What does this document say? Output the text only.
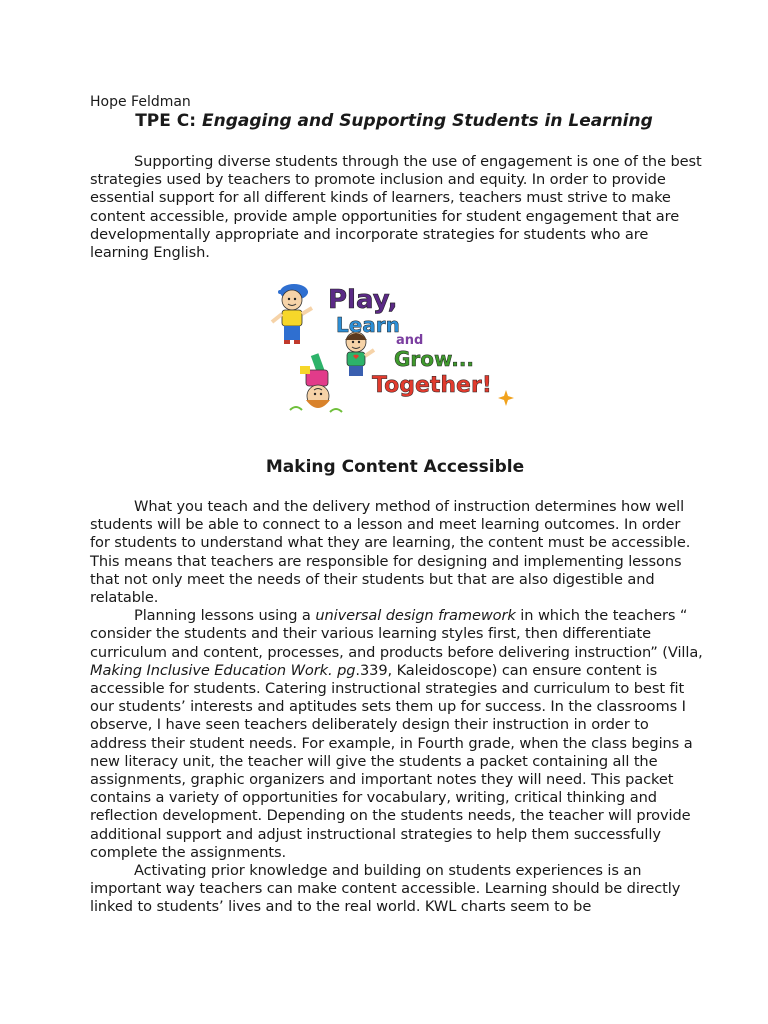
Hope Feldman
TPE C: Engaging and Supporting Students in Learning

Supporting diverse students through the use of engagement is one of the best strategies used by teachers to promote inclusion and equity. In order to provide essential support for all different kinds of learners, teachers must strive to make content accessible, provide ample opportunities for student engagement that are developmentally appropriate and incorporate strategies for students who are learning English.

Play,
Learn
and
Grow...
Together!
Making Content Accessible

What you teach and the delivery method of instruction determines how well students will be able to connect to a lesson and meet learning outcomes. In order for students to understand what they are learning, the content must be accessible. This means that teachers are responsible for designing and implementing lessons that not only meet the needs of their students but that are also digestible and relatable.

Planning lessons using a universal design framework in which the teachers “ consider the students and their various learning styles first, then differentiate curriculum and content, processes, and products before delivering instruction” (Villa, Making Inclusive Education Work. pg.339, Kaleidoscope) can ensure content is accessible for students. Catering instructional strategies and curriculum to best fit our students’ interests and aptitudes sets them up for success. In the classrooms I observe, I have seen teachers deliberately design their instruction in order to address their student needs. For example, in Fourth grade, when the class begins a new literacy unit, the teacher will give the students a packet containing all the assignments, graphic organizers and important notes they will need. This packet contains a variety of opportunities for vocabulary, writing, critical thinking and reflection development. Depending on the students needs, the teacher will provide additional support and adjust instructional strategies to help them successfully complete the assignments.

Activating prior knowledge and building on students experiences is an important way teachers can make content accessible. Learning should be directly linked to students’ lives and to the real world. KWL charts seem to be
